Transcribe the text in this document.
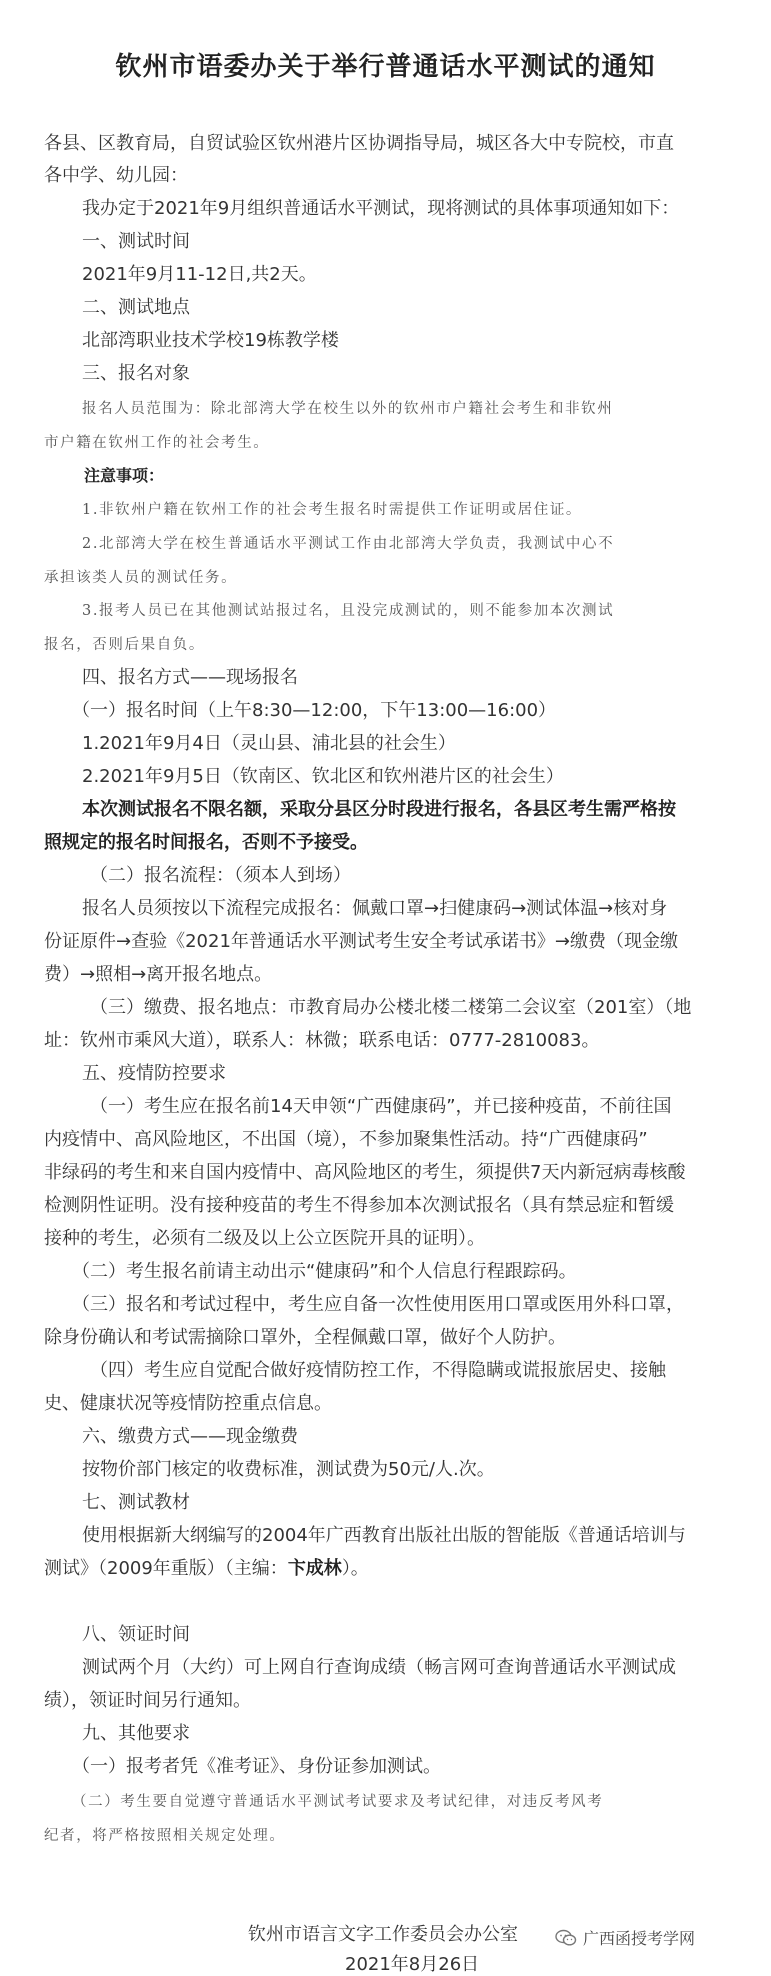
钦州市语委办关于举行普通话水平测试的通知
各县、区教育局，自贸试验区钦州港片区协调指导局，城区各大中专院校，市直
各中学、幼儿园：
我办定于2021年9月组织普通话水平测试，现将测试的具体事项通知如下：
一、测试时间
2021年9月11-12日,共2天。
二、测试地点
北部湾职业技术学校19栋教学楼
三、报名对象
报名人员范围为：除北部湾大学在校生以外的钦州市户籍社会考生和非钦州
市户籍在钦州工作的社会考生。
注意事项：
1.非钦州户籍在钦州工作的社会考生报名时需提供工作证明或居住证。
2.北部湾大学在校生普通话水平测试工作由北部湾大学负责，我测试中心不
承担该类人员的测试任务。
3.报考人员已在其他测试站报过名，且没完成测试的，则不能参加本次测试
报名，否则后果自负。
四、报名方式——现场报名
（一）报名时间（上午8:30—12:00，下午13:00—16:00）
1.2021年9月4日（灵山县、浦北县的社会生）
2.2021年9月5日（钦南区、钦北区和钦州港片区的社会生）
本次测试报名不限名额，采取分县区分时段进行报名，各县区考生需严格按
照规定的报名时间报名，否则不予接受。
（二）报名流程：（须本人到场）
报名人员须按以下流程完成报名：佩戴口罩→扫健康码→测试体温→核对身
份证原件→查验《2021年普通话水平测试考生安全考试承诺书》→缴费（现金缴
费）→照相→离开报名地点。
（三）缴费、报名地点：市教育局办公楼北楼二楼第二会议室（201室）（地
址：钦州市乘风大道），联系人：林微；联系电话：0777-2810083。
五、疫情防控要求
（一）考生应在报名前14天申领“广西健康码”，并已接种疫苗，不前往国
内疫情中、高风险地区，不出国（境），不参加聚集性活动。持“广西健康码”
非绿码的考生和来自国内疫情中、高风险地区的考生，须提供7天内新冠病毒核酸
检测阴性证明。没有接种疫苗的考生不得参加本次测试报名（具有禁忌症和暂缓
接种的考生，必须有二级及以上公立医院开具的证明）。
（二）考生报名前请主动出示“健康码”和个人信息行程跟踪码。
（三）报名和考试过程中，考生应自备一次性使用医用口罩或医用外科口罩，
除身份确认和考试需摘除口罩外，全程佩戴口罩，做好个人防护。
（四）考生应自觉配合做好疫情防控工作，不得隐瞒或谎报旅居史、接触
史、健康状况等疫情防控重点信息。
六、缴费方式——现金缴费
按物价部门核定的收费标准，测试费为50元/人.次。
七、测试教材
使用根据新大纲编写的2004年广西教育出版社出版的智能版《普通话培训与
测试》（2009年重版）（主编：卞成林）。
八、领证时间
测试两个月（大约）可上网自行查询成绩（畅言网可查询普通话水平测试成
绩），领证时间另行通知。
九、其他要求
（一）报考者凭《准考证》、身份证参加测试。
（二）考生要自觉遵守普通话水平测试考试要求及考试纪律，对违反考风考
纪者，将严格按照相关规定处理。
钦州市语言文字工作委员会办公室
2021年8月26日
广西函授考学网
